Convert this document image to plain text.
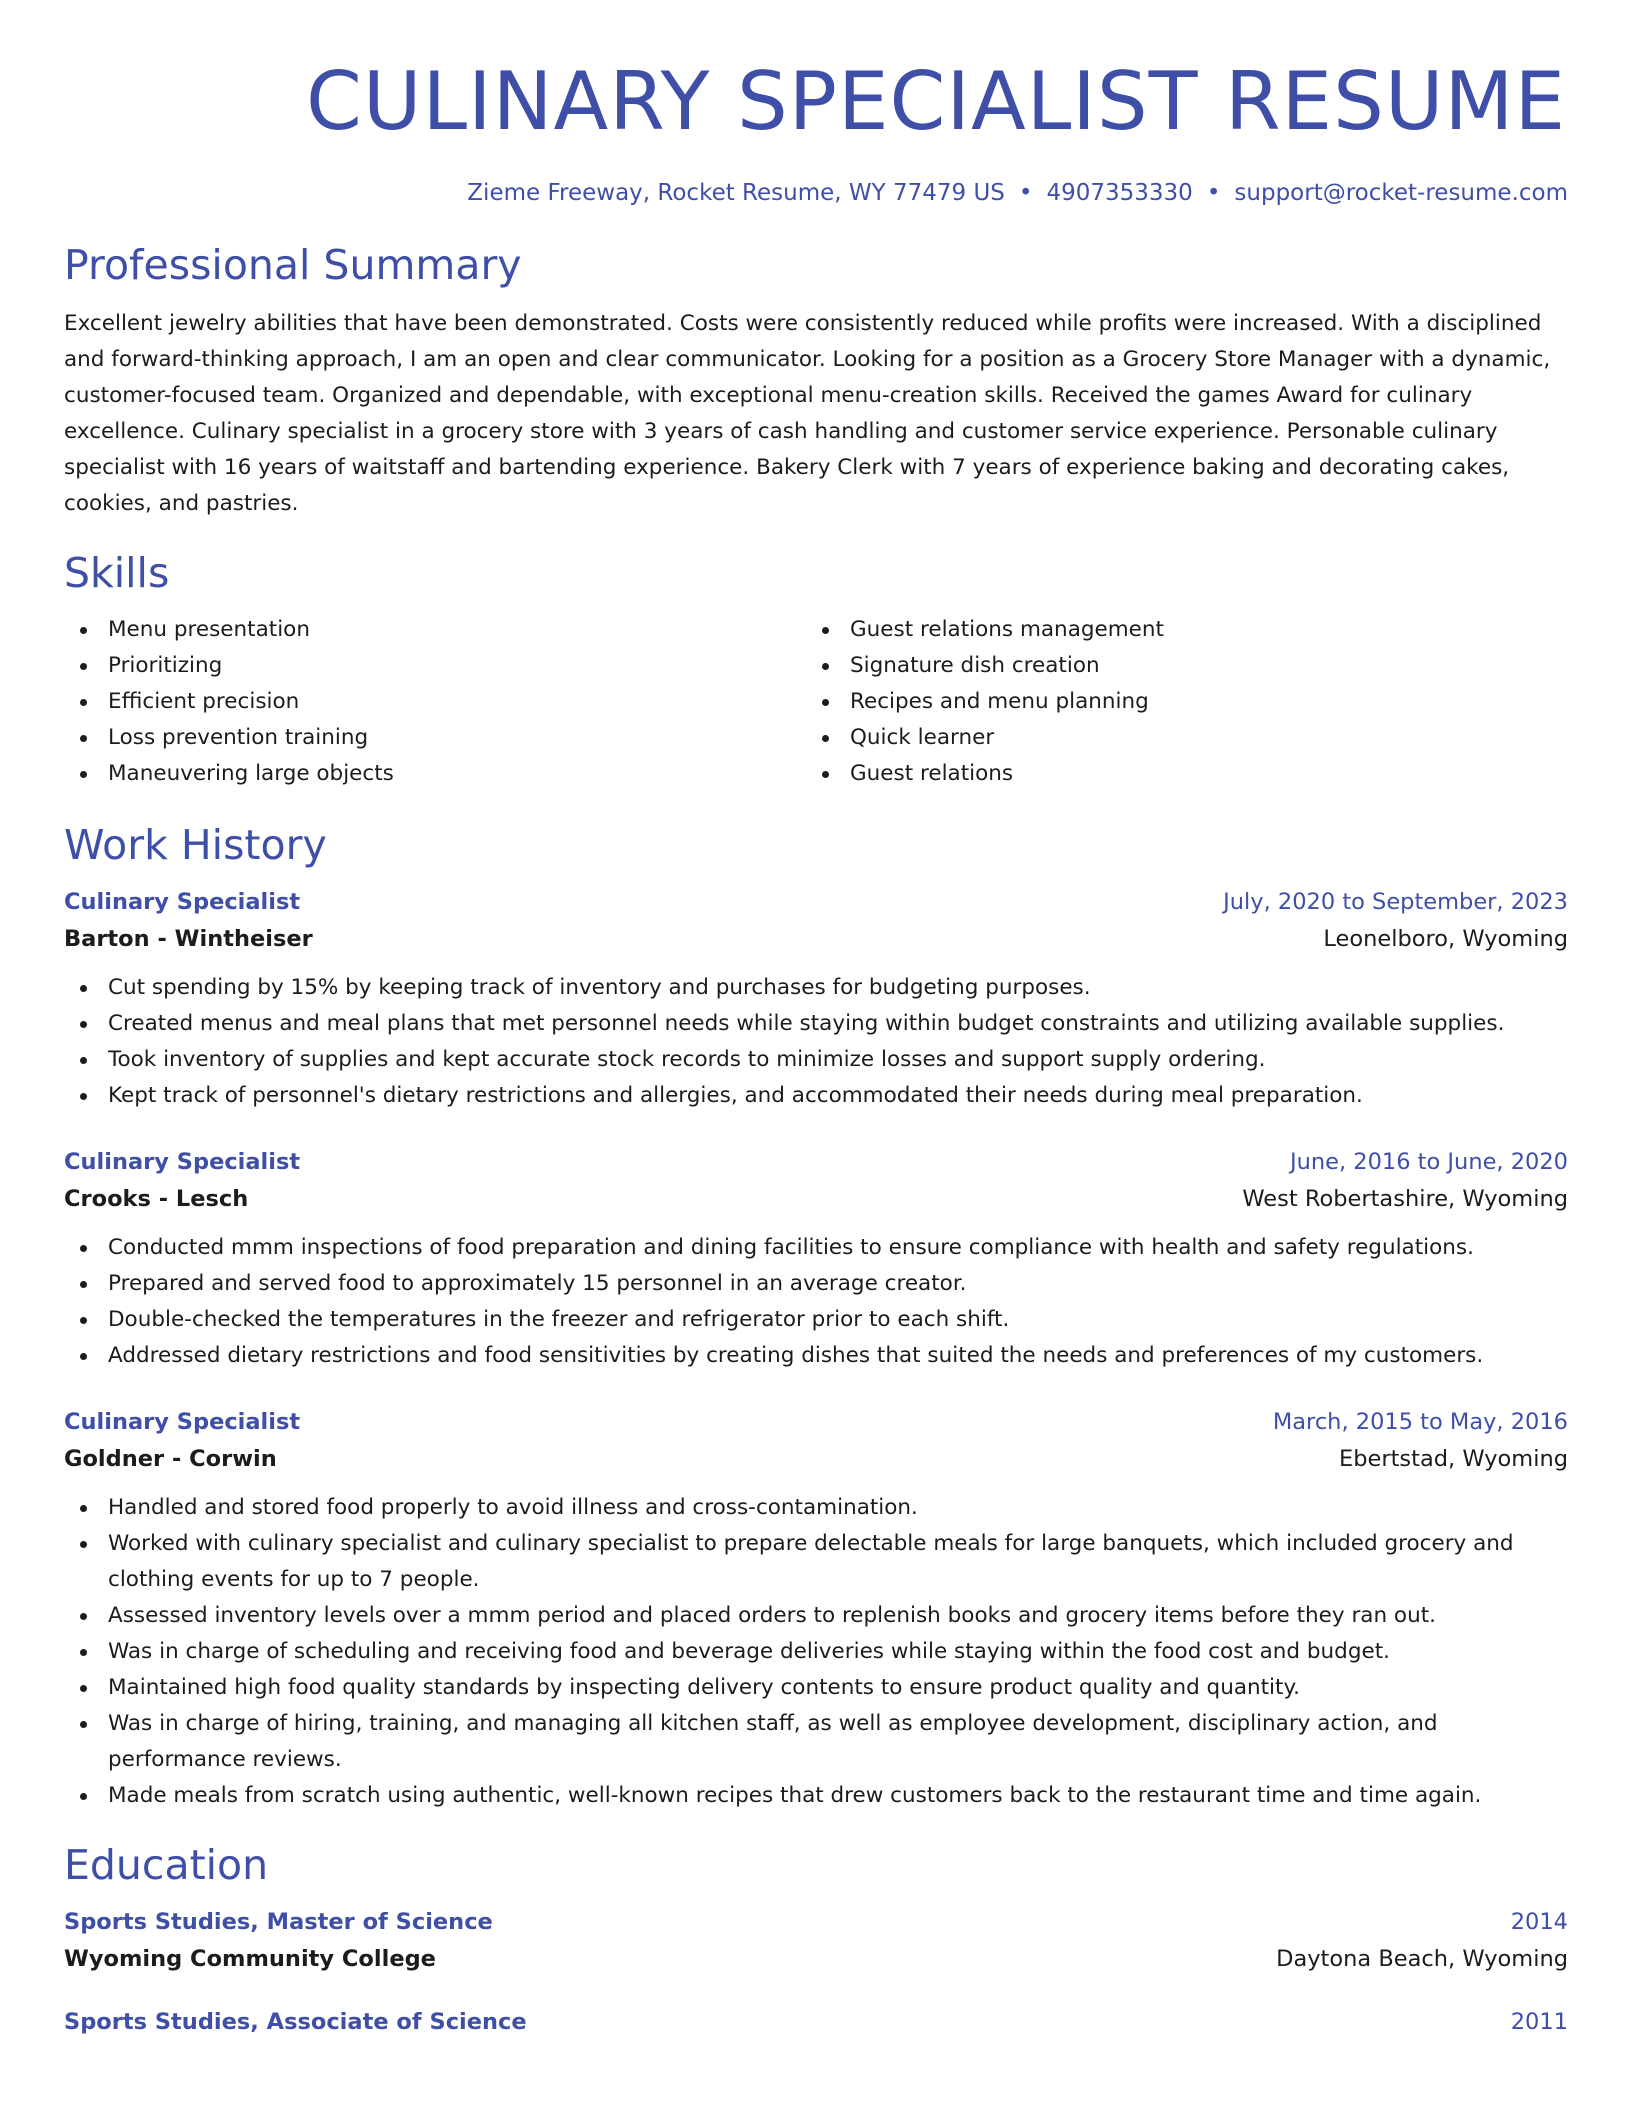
CULINARY SPECIALIST RESUME
Zieme Freeway, Rocket Resume, WY 77479 US • 4907353330 • support@rocket-resume.com
Professional Summary
Excellent jewelry abilities that have been demonstrated. Costs were consistently reduced while profits were increased. With a disciplined and forward-thinking approach, I am an open and clear communicator. Looking for a position as a Grocery Store Manager with a dynamic, customer-focused team. Organized and dependable, with exceptional menu-creation skills. Received the games Award for culinary excellence. Culinary specialist in a grocery store with 3 years of cash handling and customer service experience. Personable culinary specialist with 16 years of waitstaff and bartending experience. Bakery Clerk with 7 years of experience baking and decorating cakes, cookies, and pastries.
Skills
Menu presentation
Prioritizing
Efficient precision
Loss prevention training
Maneuvering large objects
Guest relations management
Signature dish creation
Recipes and menu planning
Quick learner
Guest relations
Work History
Culinary Specialist	July, 2020 to September, 2023
Barton - Wintheiser	Leonelboro, Wyoming
Cut spending by 15% by keeping track of inventory and purchases for budgeting purposes.
Created menus and meal plans that met personnel needs while staying within budget constraints and utilizing available supplies.
Took inventory of supplies and kept accurate stock records to minimize losses and support supply ordering.
Kept track of personnel's dietary restrictions and allergies, and accommodated their needs during meal preparation.
Culinary Specialist	June, 2016 to June, 2020
Crooks - Lesch	West Robertashire, Wyoming
Conducted mmm inspections of food preparation and dining facilities to ensure compliance with health and safety regulations.
Prepared and served food to approximately 15 personnel in an average creator.
Double-checked the temperatures in the freezer and refrigerator prior to each shift.
Addressed dietary restrictions and food sensitivities by creating dishes that suited the needs and preferences of my customers.
Culinary Specialist	March, 2015 to May, 2016
Goldner - Corwin	Ebertstad, Wyoming
Handled and stored food properly to avoid illness and cross-contamination.
Worked with culinary specialist and culinary specialist to prepare delectable meals for large banquets, which included grocery and clothing events for up to 7 people.
Assessed inventory levels over a mmm period and placed orders to replenish books and grocery items before they ran out.
Was in charge of scheduling and receiving food and beverage deliveries while staying within the food cost and budget.
Maintained high food quality standards by inspecting delivery contents to ensure product quality and quantity.
Was in charge of hiring, training, and managing all kitchen staff, as well as employee development, disciplinary action, and performance reviews.
Made meals from scratch using authentic, well-known recipes that drew customers back to the restaurant time and time again.
Education
Sports Studies, Master of Science	2014
Wyoming Community College	Daytona Beach, Wyoming
Sports Studies, Associate of Science	2011
